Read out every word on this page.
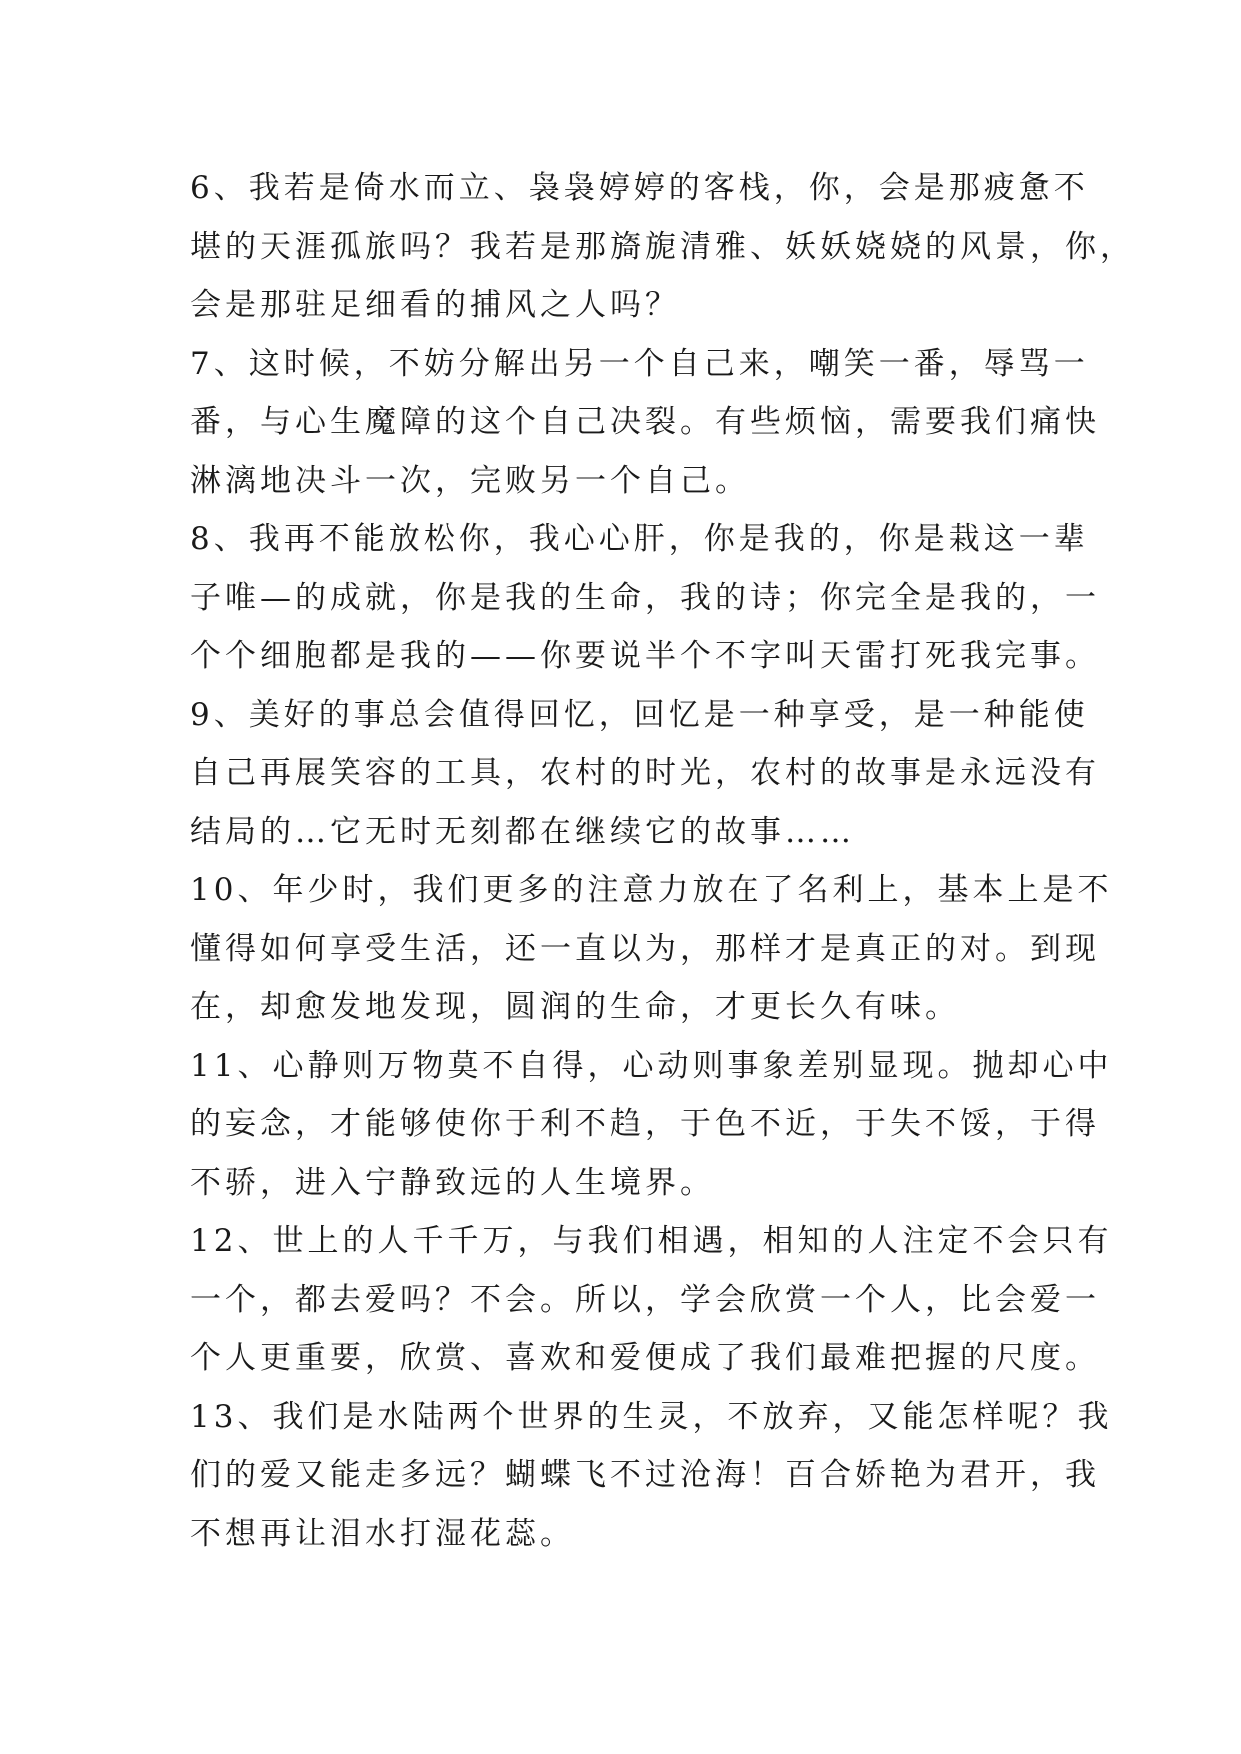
6、我若是倚水而立、袅袅婷婷的客栈，你，会是那疲惫不
堪的天涯孤旅吗？我若是那旖旎清雅、妖妖娆娆的风景，你，
会是那驻足细看的捕风之人吗？
7、这时候，不妨分解出另一个自己来，嘲笑一番，辱骂一
番，与心生魔障的这个自己决裂。有些烦恼，需要我们痛快
淋漓地决斗一次，完败另一个自己。
8、我再不能放松你，我心心肝，你是我的，你是栽这一辈
子唯—的成就，你是我的生命，我的诗；你完全是我的，一
个个细胞都是我的——你要说半个不字叫天雷打死我完事。
9、美好的事总会值得回忆，回忆是一种享受，是一种能使
自己再展笑容的工具，农村的时光，农村的故事是永远没有
结局的…它无时无刻都在继续它的故事……
10、年少时，我们更多的注意力放在了名利上，基本上是不
懂得如何享受生活，还一直以为，那样才是真正的对。到现
在，却愈发地发现，圆润的生命，才更长久有味。
11、心静则万物莫不自得，心动则事象差别显现。抛却心中
的妄念，才能够使你于利不趋，于色不近，于失不馁，于得
不骄，进入宁静致远的人生境界。
12、世上的人千千万，与我们相遇，相知的人注定不会只有
一个，都去爱吗？不会。所以，学会欣赏一个人，比会爱一
个人更重要，欣赏、喜欢和爱便成了我们最难把握的尺度。
13、我们是水陆两个世界的生灵，不放弃，又能怎样呢？我
们的爱又能走多远？蝴蝶飞不过沧海！百合娇艳为君开，我
不想再让泪水打湿花蕊。
